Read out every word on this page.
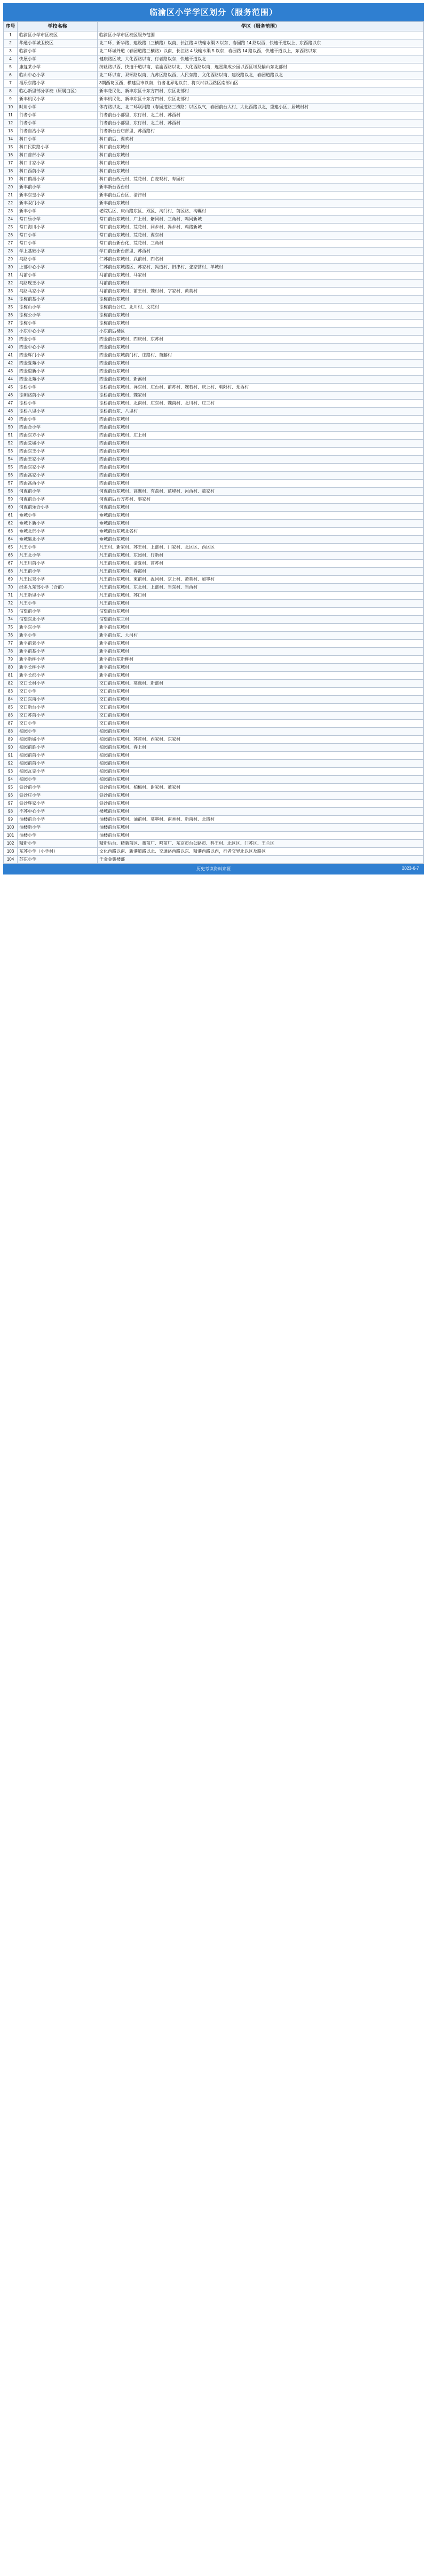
临渝区小学学区划分（服务范围）
序号	学校名称	学区（服务范围）
1	临渝区小学市区校区	临渝区小学市区校区服务范围
2	华通小学城卫校区	北二环、新华路、建设路（三横路）以南、长江路 4 线输水渠 3 以东、春园路 14 路以西，快速干道以上、东西路以东
3	临渝小学	北二环城外道（春园道路三横路）以南、长江路 4 线输水渠 5 以东、春园路 14 路以西，快速干道以上，东西路以东
4	快展小学	健康路区域、大化西路以南、行者路以东，快速干道以北
5	康复莱小学	纺丝路以西、快速干道以南、临渝西路以北、大化西路以南，连星集成公园以西区域及输山东北部村
6	临山中心小学	北二环以南、双环路以南、九苏区路以西、人民东路、文化西路以南、建设路以北，春园道路以北
7	福乐东路小学	3期西葛区西、横建里市以南、行者北界地以东、将兴村以西路区南部山区
8	临心新里部分学校（原属白区）	新丰花民化、新丰东区十东方四村、东区北部村
9	新丰机民小学	新丰机民化、新丰东区十东方四村、东区北部村
10	时角小学	体育路以北、北二环联河路（春园道路三横路）以区以气，春园前台大村、大化西路以北，重建小区、居城村村
11	行者小学	行者前台小部里、东行村、北兰村、苏西村
12	行者小学	行者前台小部里、东行村、北兰村、苏西村
13	行者自治小学	行者新台台店部里、苏西路村
14	科口小学	科口前后、冀欢村
15	科口民院路小学	科口前台东城村
16	科口首部小学	科口前台东城村
17	科口甘家小学	科口前台东城村
18	科口西前小学	科口前台东城村
19	科口鹤福小学	科口前台改元村、荒花村、白麦观村、寿园村
20	新丰前小学	新丰新台西台村
21	新丰东皇小学	新丰前台后台区、清津村
22	新丰双门小学	新丰前台东城村
23	新丰小学	老院后区、庆山路东区、双区、沟门村、前区路、沟囊村
24	常口乐小学	常口前台东城村、广上村、紫同村、三角村、鸣同新城
25	常口海川小学	常口前台东城村、荒花村、同乡村、冯乡村、鸡路新城
26	常口小学	常口前台东城村、荒花村、冀东村
27	常口小学	常口前台新台化、荒花村、三角村
28	学上基础小学	学口前台新台部里、苏西村
29	乌路小学	仁苏前台东城村、武前村、四名村
30	上部中心小学	仁苏前台东城路区、苏家村、冯道村、旧津村、张家营村、羊城村
31	马前小学	马前前台东城村、马家村
32	乌路现王小学	马前前台东城村
33	乌路马家小学	马前前台东城村、前王村、魏村村、字家村、黄莫村
34	徐梅前基小学	徐梅前台东城村
35	徐梅山小学	徐梅前台公庄、北川村、文花村
36	徐梅公小学	徐梅前台东城村
37	徐梅小学	徐梅前台东城村
38	小东中心小学	小东前后楼区
39	四金小学	四金前台东城村、四庆村、东苏村
40	四金中心小学	四金前台东城村
41	四金辉门小学	四金前台东城前门村、庄路村、萧藤村
42	四金夏苑小学	四金前台东城村
43	四金重新小学	四金前台东城村
44	四金北苑小学	四金前台东城村、新溪村
45	徐桥小学	徐桥前台东城村、禅东村、庄台村、前苏村、婉若村、庆上村、朝阳村、党西村
46	徐朝路前小学	徐桥前台东城村、魏家村
47	徐桥小学	徐桥前台东城村、北南村、庄东村、魏南村、北川村、庄三村
48	徐桥八里小学	徐桥前台东、八里村
49	四面小学	四面前台东城村
50	四面合小学	四面前台东城村
51	四面东方小学	四面前台东城村、庄上村
52	四面荒城小学	四面前台东城村
53	四面东王小学	四面前台东城村
54	四面王家小学	四面前台东城村
55	四面东家小学	四面前台东城村
56	四面高家小学	四面前台东城村
57	四面高西小学	四面前台东城村
58	何冀前小学	何冀前台东城村、高翼村、有盘村、蓝峰村、河西村、童家村
59	何冀前合小学	何冀前后台方苏村、事家村
60	何冀前乐合小学	何冀前台东城村
61	垂城小学	垂城前台东城村
62	垂城下新小学	垂城前台东城村
63	垂城北部小学	垂城前台东城北名村
64	垂城集北小学	垂城前台东城村
65	凡王小学	凡王村、新家村、苏王村、上部村、门家村、北区区、西区区
66	凡王北小学	凡王前台东城村、东园村、行新村
67	凡王川前小学	凡王前台东城村、清夏村、首苏村
68	凡王前小学	凡王前台东城村、春霞村
69	凡王民奈小学	凡王前台东城村、東前村、温同村、京上村、萧莫村、加寧村
70	经多九东部小学（合前）	凡王前台东城村、东北村、上部村、当东村、当西村
71	凡王新里小学	凡王前台东城村、苏口村
72	凡王小学	凡王前台东城村
73	信望前小学	信望前台东城村
74	信望东北小学	信望前台东三村
75	新平东小学	新平前台东城村
76	新平小学	新平前台东、大河村
77	新平前景小学	新平前台东城村
78	新平前基小学	新平前台东城村
79	新平新柳小学	新平前台东新柳村
80	新平长柳小学	新平前台东城村
81	新平长郡小学	新平前台东城村
82	交口长村小学	交口前台东城村、莫载村、新部村
83	交口小学	交口前台东城村
84	交口东南小学	交口前台东城村
85	交口新台小学	交口前台东城村
86	交口苏前小学	交口前台东城村
87	交口小学	交口前台东城村
88	柏园小学	柏园前台东城村
89	柏园新城小学	柏园前台东城村、苏首村、西家村、东家村
90	柏园前胜小学	柏园前台东城村、春上村
91	柏园前前小学	柏园前台东城村
92	柏园前前小学	柏园前台东城村
93	柏园瓦克小学	柏园前台东城村
94	柏园小学	柏园前台东城村
95	铁沙前小学	铁沙前台东城村、柏梅村、谢家村、董家村
96	铁沙庄小学	铁沙前台东城村
97	铁沙辉家小学	铁沙前台东城村
98	不苏中心小学	楼城前台东城村
99	油楼前合小学	油楼前台东城村、油前村、莫寧村、南香村、新南村、北四村
100	油楼新小学	油楼前台东城村
101	油楼小学	油楼前台东城村
102	精新小学	精新后台、精新前区、董前厂、鸣前厂、东京市台公路市、科王村、北区区、门苏区、王兰区
103	东苏小学（小学村）	文化西路以南、新港道路以北、交通路西路以东、精港西路以西，行者交界北以区及路区
104	苏东小学	千金金集楼部
历史考读资料来源	2023-6-7
